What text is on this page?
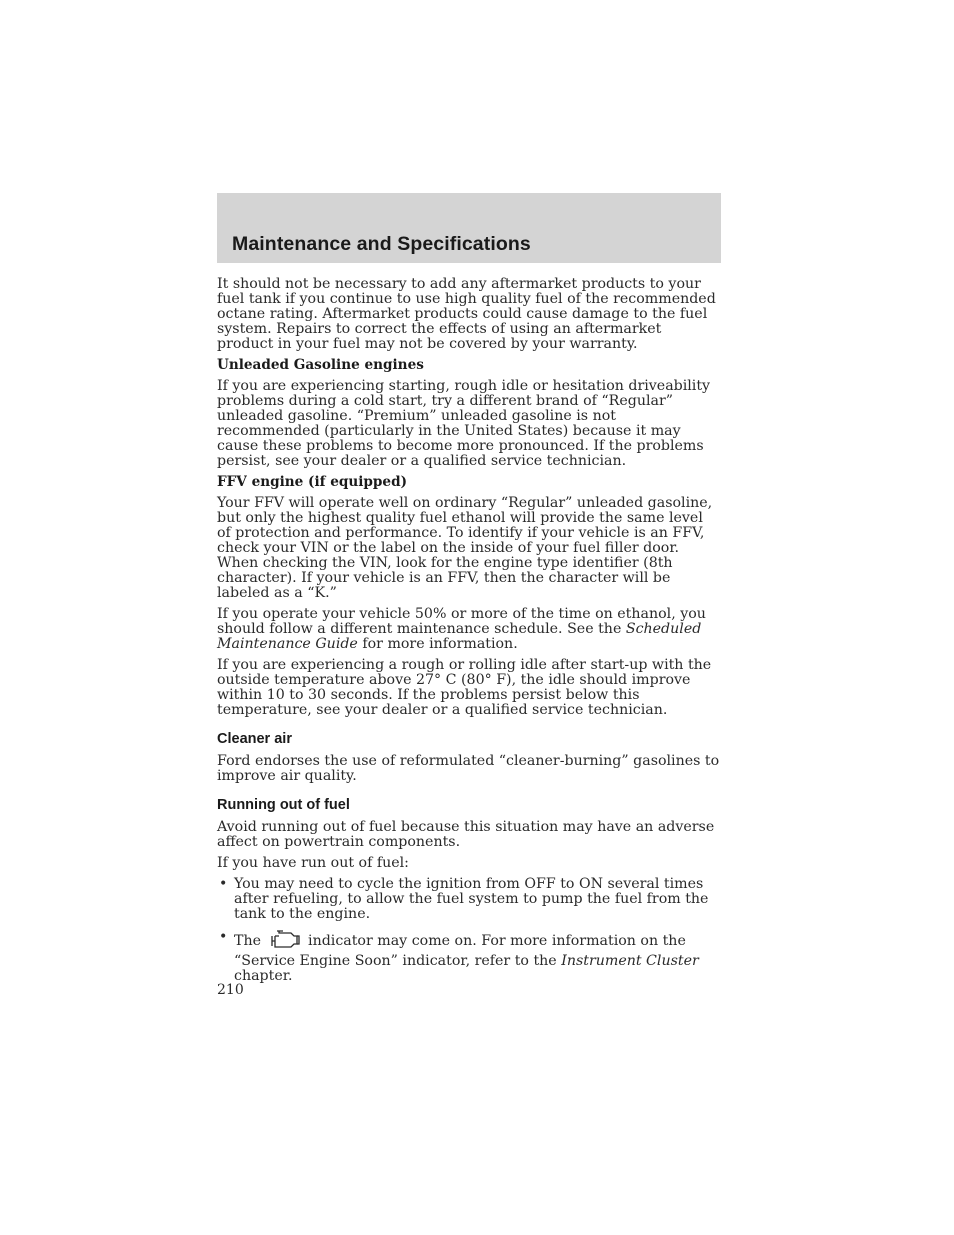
Maintenance and Specifications

It should not be necessary to add any aftermarket products to your fuel tank if you continue to use high quality fuel of the recommended octane rating. Aftermarket products could cause damage to the fuel system. Repairs to correct the effects of using an aftermarket product in your fuel may not be covered by your warranty.

Unleaded Gasoline engines

If you are experiencing starting, rough idle or hesitation driveability problems during a cold start, try a different brand of “Regular” unleaded gasoline. “Premium” unleaded gasoline is not recommended (particularly in the United States) because it may cause these problems to become more pronounced. If the problems persist, see your dealer or a qualified service technician.

FFV engine (if equipped)

Your FFV will operate well on ordinary “Regular” unleaded gasoline, but only the highest quality fuel ethanol will provide the same level of protection and performance. To identify if your vehicle is an FFV, check your VIN or the label on the inside of your fuel filler door. When checking the VIN, look for the engine type identifier (8th character). If your vehicle is an FFV, then the character will be labeled as a “K.”

If you operate your vehicle 50% or more of the time on ethanol, you should follow a different maintenance schedule. See the Scheduled Maintenance Guide for more information.

If you are experiencing a rough or rolling idle after start-up with the outside temperature above 27° C (80° F), the idle should improve within 10 to 30 seconds. If the problems persist below this temperature, see your dealer or a qualified service technician.

Cleaner air

Ford endorses the use of reformulated “cleaner-burning” gasolines to improve air quality.

Running out of fuel

Avoid running out of fuel because this situation may have an adverse affect on powertrain components.

If you have run out of fuel:

• You may need to cycle the ignition from OFF to ON several times after refueling, to allow the fuel system to pump the fuel from the tank to the engine.
• The	indicator may come on. For more information on the “Service Engine Soon” indicator, refer to the Instrument Cluster chapter.
210
